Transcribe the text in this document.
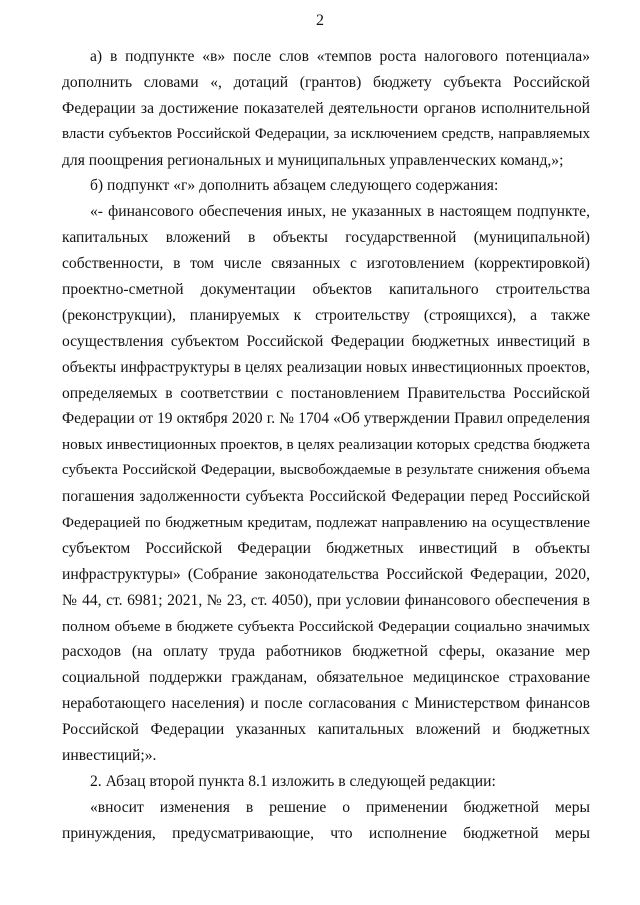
2
а) в подпункте «в» после слов «темпов роста налогового потенциала»
дополнить словами «, дотаций (грантов) бюджету субъекта Российской
Федерации за достижение показателей деятельности органов исполнительной
власти субъектов Российской Федерации, за исключением средств, направляемых
для поощрения региональных и муниципальных управленческих команд,»;
б) подпункт «г» дополнить абзацем следующего содержания:
«- финансового обеспечения иных, не указанных в настоящем подпункте,
капитальных вложений в объекты государственной (муниципальной)
собственности, в том числе связанных с изготовлением (корректировкой)
проектно-сметной документации объектов капитального строительства
(реконструкции), планируемых к строительству (строящихся), а также
осуществления субъектом Российской Федерации бюджетных инвестиций в
объекты инфраструктуры в целях реализации новых инвестиционных проектов,
определяемых в соответствии с постановлением Правительства Российской
Федерации от 19 октября 2020 г. № 1704 «Об утверждении Правил определения
новых инвестиционных проектов, в целях реализации которых средства бюджета
субъекта Российской Федерации, высвобождаемые в результате снижения объема
погашения задолженности субъекта Российской Федерации перед Российской
Федерацией по бюджетным кредитам, подлежат направлению на осуществление
субъектом Российской Федерации бюджетных инвестиций в объекты
инфраструктуры» (Собрание законодательства Российской Федерации, 2020,
№ 44, ст. 6981; 2021, № 23, ст. 4050), при условии финансового обеспечения в
полном объеме в бюджете субъекта Российской Федерации социально значимых
расходов (на оплату труда работников бюджетной сферы, оказание мер
социальной поддержки гражданам, обязательное медицинское страхование
неработающего населения) и после согласования с Министерством финансов
Российской Федерации указанных капитальных вложений и бюджетных
инвестиций;».
2. Абзац второй пункта 8.1 изложить в следующей редакции:
«вносит изменения в решение о применении бюджетной меры
принуждения, предусматривающие, что исполнение бюджетной меры
